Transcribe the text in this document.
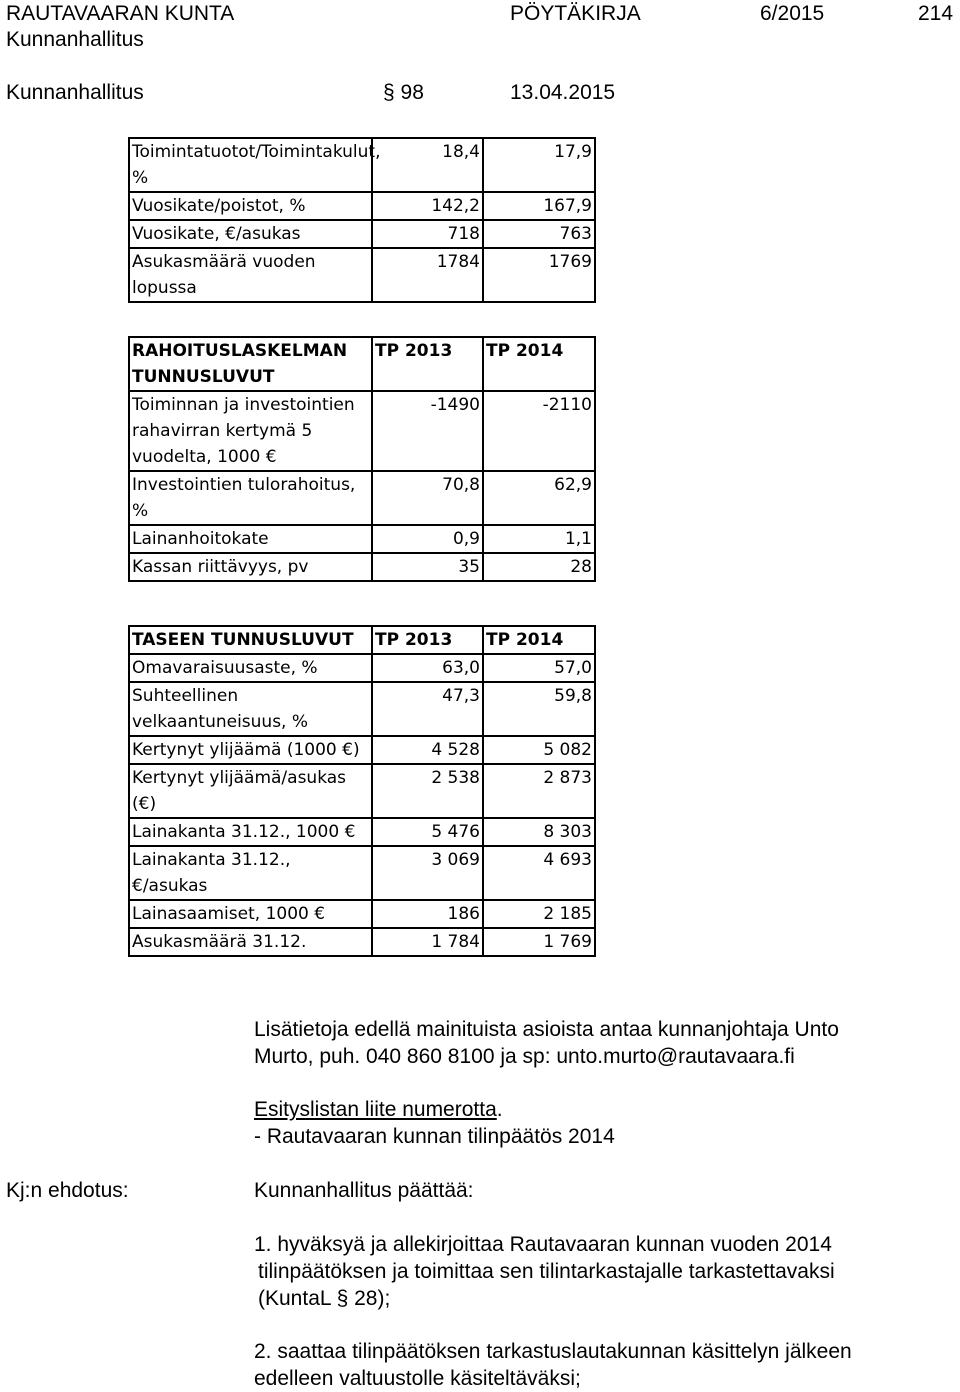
RAUTAVAARAN KUNTA	PÖYTÄKIRJA	6/2015	214
Kunnanhallitus
Kunnanhallitus	§ 98	13.04.2015
Toimintatuotot/Toimintakulut, %	18,4	17,9
Vuosikate/poistot, %	142,2	167,9
Vuosikate, €/asukas	718	763
Asukasmäärä vuoden lopussa	1784	1769
RAHOITUSLASKELMAN TUNNUSLUVUT	TP 2013	TP 2014
Toiminnan ja investointien rahavirran kertymä 5 vuodelta, 1000 €	-1490	-2110
Investointien tulorahoitus, %	70,8	62,9
Lainanhoitokate	0,9	1,1
Kassan riittävyys, pv	35	28
TASEEN TUNNUSLUVUT	TP 2013	TP 2014
Omavaraisuusaste, %	63,0	57,0
Suhteellinen velkaantuneisuus, %	47,3	59,8
Kertynyt ylijäämä (1000 €)	4 528	5 082
Kertynyt ylijäämä/asukas (€)	2 538	2 873
Lainakanta 31.12., 1000 €	5 476	8 303
Lainakanta 31.12., €/asukas	3 069	4 693
Lainasaamiset, 1000 €	186	2 185
Asukasmäärä 31.12.	1 784	1 769
Lisätietoja edellä mainituista asioista antaa kunnanjohtaja Unto
Murto, puh. 040 860 8100 ja sp: unto.murto@rautavaara.fi
Esityslistan liite numerotta.
- Rautavaaran kunnan tilinpäätös 2014
Kj:n ehdotus:	Kunnanhallitus päättää:
1. hyväksyä ja allekirjoittaa Rautavaaran kunnan vuoden 2014
tilinpäätöksen ja toimittaa sen tilintarkastajalle tarkastettavaksi
(KuntaL § 28);
2. saattaa tilinpäätöksen tarkastuslautakunnan käsittelyn jälkeen
edelleen valtuustolle käsiteltäväksi;
